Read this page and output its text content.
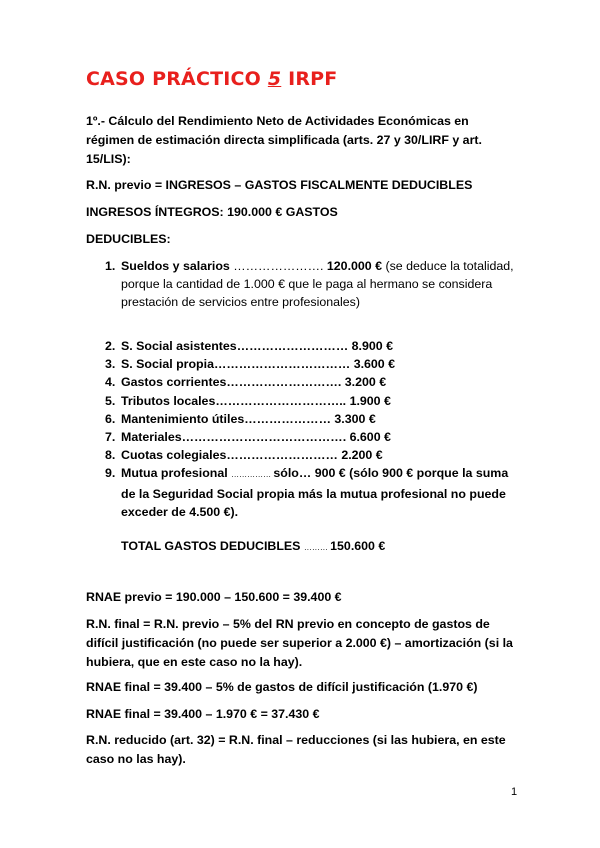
CASO PRÁCTICO 5 IRPF

1º.- Cálculo del Rendimiento Neto de Actividades Económicas en régimen de estimación directa simplificada (arts. 27 y 30/LIRF y art. 15/LIS):

R.N. previo = INGRESOS – GASTOS FISCALMENTE DEDUCIBLES

INGRESOS ÍNTEGROS: 190.000 € GASTOS

DEDUCIBLES:

1. Sueldos y salarios …………………. 120.000 € (se deduce la totalidad, porque la cantidad de 1.000 € que le paga al hermano se considera prestación de servicios entre profesionales)
2. S. Social asistentes……………………… 8.900 €
3. S. Social propia…………………………… 3.600 €
4. Gastos corrientes………………………. 3.200 €
5. Tributos locales………………………….. 1.900 €
6. Mantenimiento útiles………………… 3.300 €
7. Materiales…………………………………. 6.600 €
8. Cuotas colegiales……………………… 2.200 €
9. Mutua profesional …………… sólo… 900 € (sólo 900 € porque la suma de la Seguridad Social propia más la mutua profesional no puede exceder de 4.500 €).

TOTAL GASTOS DEDUCIBLES ……… 150.600 €

RNAE previo = 190.000 – 150.600 = 39.400 €

R.N. final = R.N. previo – 5% del RN previo en concepto de gastos de difícil justificación (no puede ser superior a 2.000 €) – amortización (si la hubiera, que en este caso no la hay).

RNAE final = 39.400 – 5% de gastos de difícil justificación (1.970 €)

RNAE final = 39.400 – 1.970 € = 37.430 €

R.N. reducido (art. 32) = R.N. final – reducciones (si las hubiera, en este caso no las hay).

1
